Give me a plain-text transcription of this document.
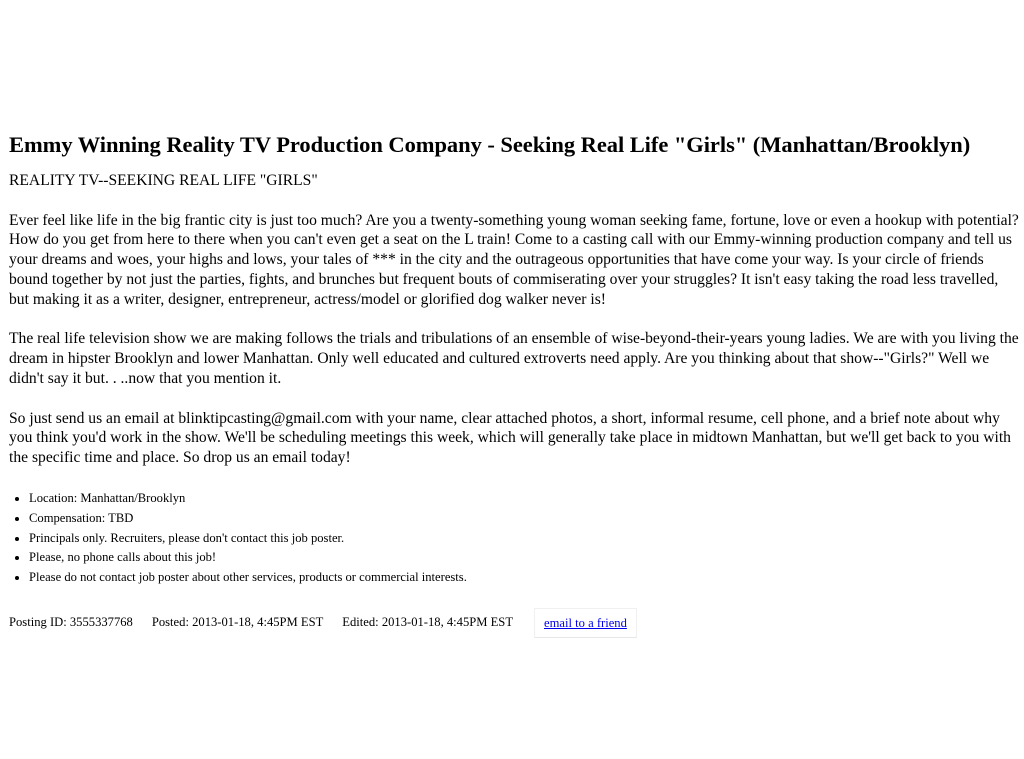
Emmy Winning Reality TV Production Company - Seeking Real Life "Girls" (Manhattan/Brooklyn)

REALITY TV--SEEKING REAL LIFE "GIRLS"

Ever feel like life in the big frantic city is just too much? Are you a twenty-something young woman seeking fame, fortune, love or even a hookup with potential? How do you get from here to there when you can't even get a seat on the L train! Come to a casting call with our Emmy-winning production company and tell us your dreams and woes, your highs and lows, your tales of *** in the city and the outrageous opportunities that have come your way. Is your circle of friends bound together by not just the parties, fights, and brunches but frequent bouts of commiserating over your struggles? It isn't easy taking the road less travelled, but making it as a writer, designer, entrepreneur, actress/model or glorified dog walker never is!

The real life television show we are making follows the trials and tribulations of an ensemble of wise-beyond-their-years young ladies. We are with you living the dream in hipster Brooklyn and lower Manhattan. Only well educated and cultured extroverts need apply. Are you thinking about that show--"Girls?" Well we didn't say it but. . ..now that you mention it.

So just send us an email at blinktipcasting@gmail.com with your name, clear attached photos, a short, informal resume, cell phone, and a brief note about why you think you'd work in the show. We'll be scheduling meetings this week, which will generally take place in midtown Manhattan, but we'll get back to you with the specific time and place. So drop us an email today!

• Location: Manhattan/Brooklyn
• Compensation: TBD
• Principals only. Recruiters, please don't contact this job poster.
• Please, no phone calls about this job!
• Please do not contact job poster about other services, products or commercial interests.
Posting ID: 3555337768 Posted: 2013-01-18, 4:45PM EST Edited: 2013-01-18, 4:45PM EST	email to a friend
